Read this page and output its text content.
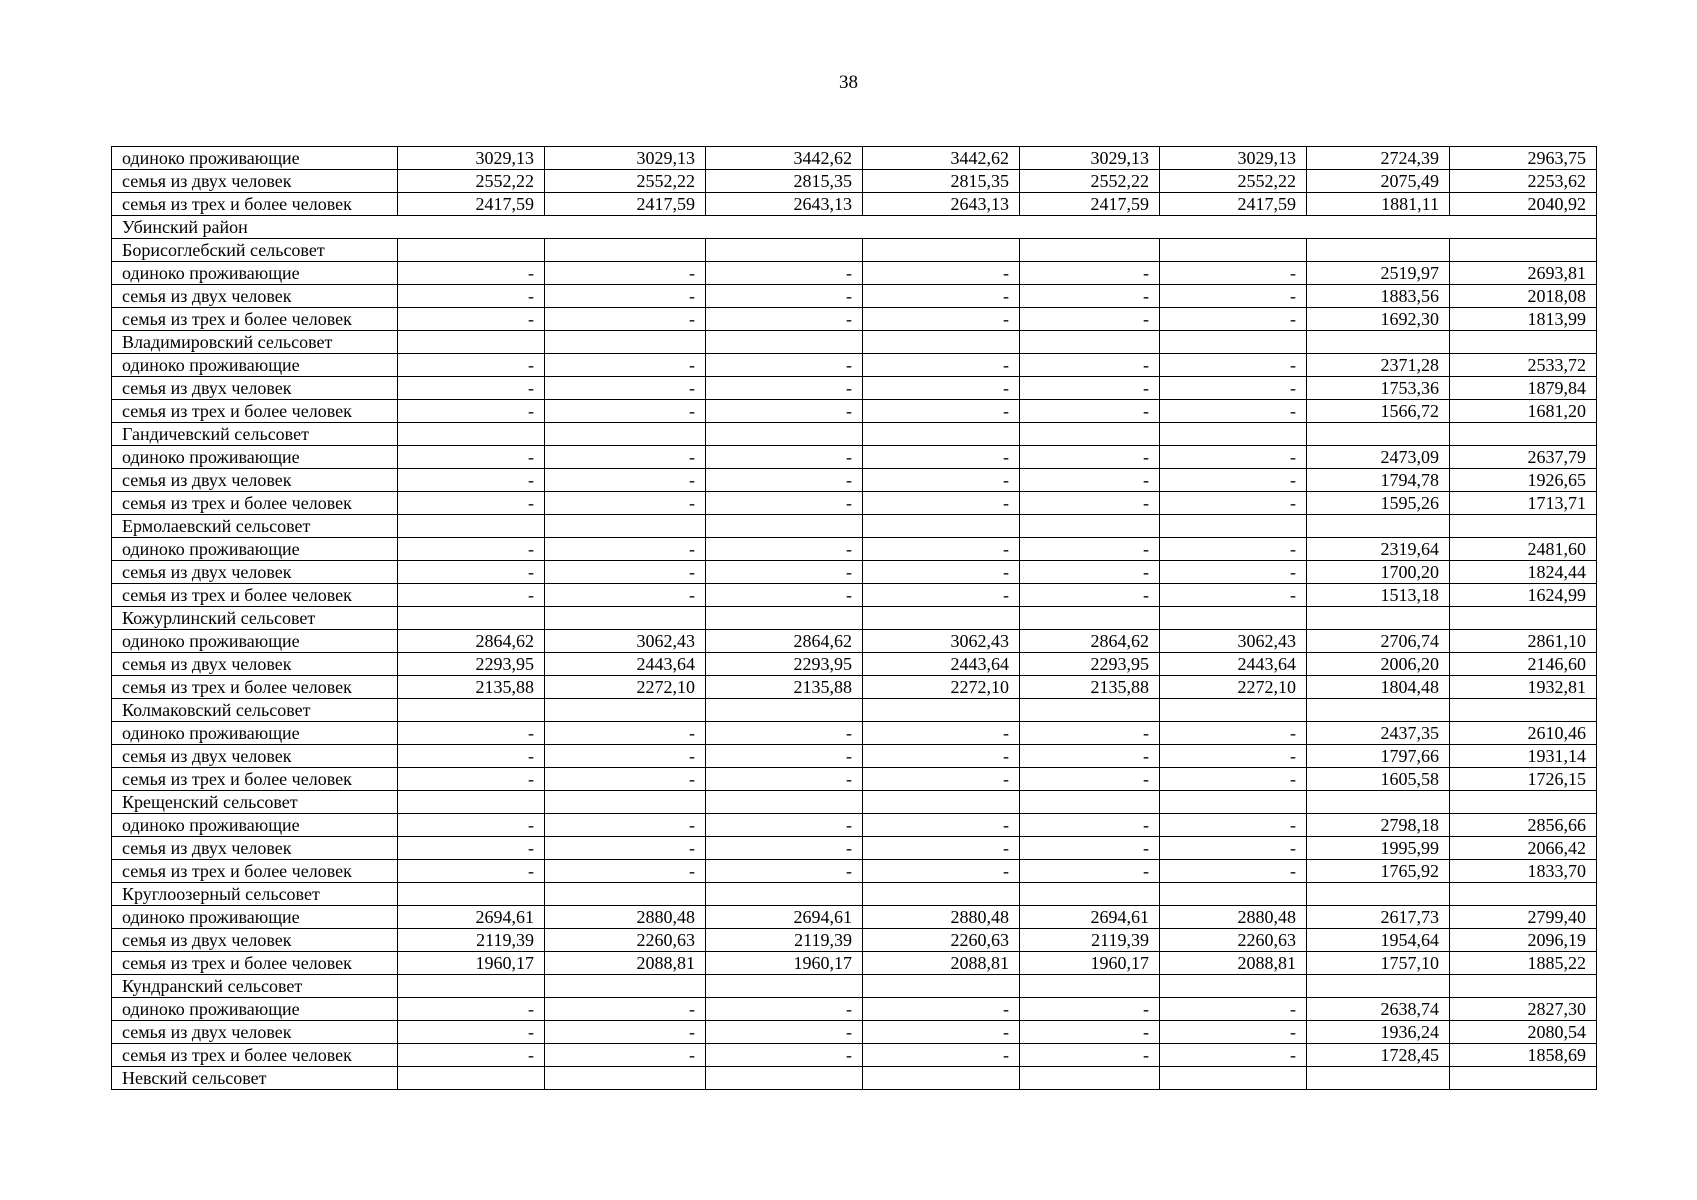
38
одиноко проживающие	3029,13	3029,13	3442,62	3442,62	3029,13	3029,13	2724,39	2963,75
семья из двух человек	2552,22	2552,22	2815,35	2815,35	2552,22	2552,22	2075,49	2253,62
семья из трех и более человек	2417,59	2417,59	2643,13	2643,13	2417,59	2417,59	1881,11	2040,92
Убинский район								
Борисоглебский сельсовет								
одиноко проживающие	-	-	-	-	-	-	2519,97	2693,81
семья из двух человек	-	-	-	-	-	-	1883,56	2018,08
семья из трех и более человек	-	-	-	-	-	-	1692,30	1813,99
Владимировский сельсовет								
одиноко проживающие	-	-	-	-	-	-	2371,28	2533,72
семья из двух человек	-	-	-	-	-	-	1753,36	1879,84
семья из трех и более человек	-	-	-	-	-	-	1566,72	1681,20
Гандичевский сельсовет								
одиноко проживающие	-	-	-	-	-	-	2473,09	2637,79
семья из двух человек	-	-	-	-	-	-	1794,78	1926,65
семья из трех и более человек	-	-	-	-	-	-	1595,26	1713,71
Ермолаевский сельсовет								
одиноко проживающие	-	-	-	-	-	-	2319,64	2481,60
семья из двух человек	-	-	-	-	-	-	1700,20	1824,44
семья из трех и более человек	-	-	-	-	-	-	1513,18	1624,99
Кожурлинский сельсовет								
одиноко проживающие	2864,62	3062,43	2864,62	3062,43	2864,62	3062,43	2706,74	2861,10
семья из двух человек	2293,95	2443,64	2293,95	2443,64	2293,95	2443,64	2006,20	2146,60
семья из трех и более человек	2135,88	2272,10	2135,88	2272,10	2135,88	2272,10	1804,48	1932,81
Колмаковский сельсовет								
одиноко проживающие	-	-	-	-	-	-	2437,35	2610,46
семья из двух человек	-	-	-	-	-	-	1797,66	1931,14
семья из трех и более человек	-	-	-	-	-	-	1605,58	1726,15
Крещенский сельсовет								
одиноко проживающие	-	-	-	-	-	-	2798,18	2856,66
семья из двух человек	-	-	-	-	-	-	1995,99	2066,42
семья из трех и более человек	-	-	-	-	-	-	1765,92	1833,70
Круглоозерный сельсовет								
одиноко проживающие	2694,61	2880,48	2694,61	2880,48	2694,61	2880,48	2617,73	2799,40
семья из двух человек	2119,39	2260,63	2119,39	2260,63	2119,39	2260,63	1954,64	2096,19
семья из трех и более человек	1960,17	2088,81	1960,17	2088,81	1960,17	2088,81	1757,10	1885,22
Кундранский сельсовет								
одиноко проживающие	-	-	-	-	-	-	2638,74	2827,30
семья из двух человек	-	-	-	-	-	-	1936,24	2080,54
семья из трех и более человек	-	-	-	-	-	-	1728,45	1858,69
Невский сельсовет								
